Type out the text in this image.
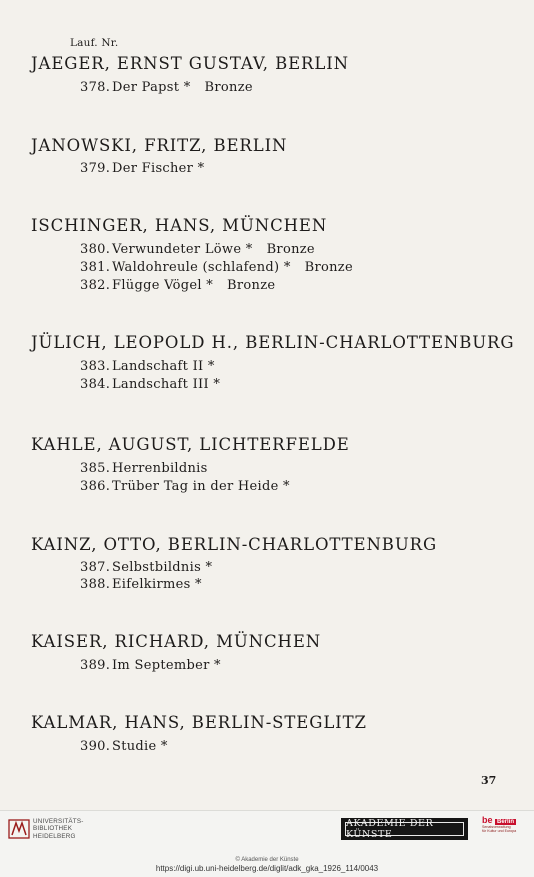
Lauf. Nr.
JAEGER, ERNST GUSTAV, BERLIN
378. Der Papst * Bronze
JANOWSKI, FRITZ, BERLIN
379. Der Fischer *
ISCHINGER, HANS, MÜNCHEN
380. Verwundeter Löwe * Bronze
381. Waldohreule (schlafend) * Bronze
382. Flügge Vögel * Bronze
JÜLICH, LEOPOLD H., BERLIN-CHARLOTTENBURG
383. Landschaft II *
384. Landschaft III *
KAHLE, AUGUST, LICHTERFELDE
385. Herrenbildnis
386. Trüber Tag in der Heide *
KAINZ, OTTO, BERLIN-CHARLOTTENBURG
387. Selbstbildnis *
388. Eifelkirmes *
KAISER, RICHARD, MÜNCHEN
389. Im September *
KALMAR, HANS, BERLIN-STEGLITZ
390. Studie *
37
UNIVERSITÄTS-
BIBLIOTHEK
HEIDELBERG
AKADEMIE DER KÜNSTE
be Berlin
Senatsverwaltung
für Kultur und Europa
© Akademie der Künste
https://digi.ub.uni-heidelberg.de/diglit/adk_gka_1926_114/0043
